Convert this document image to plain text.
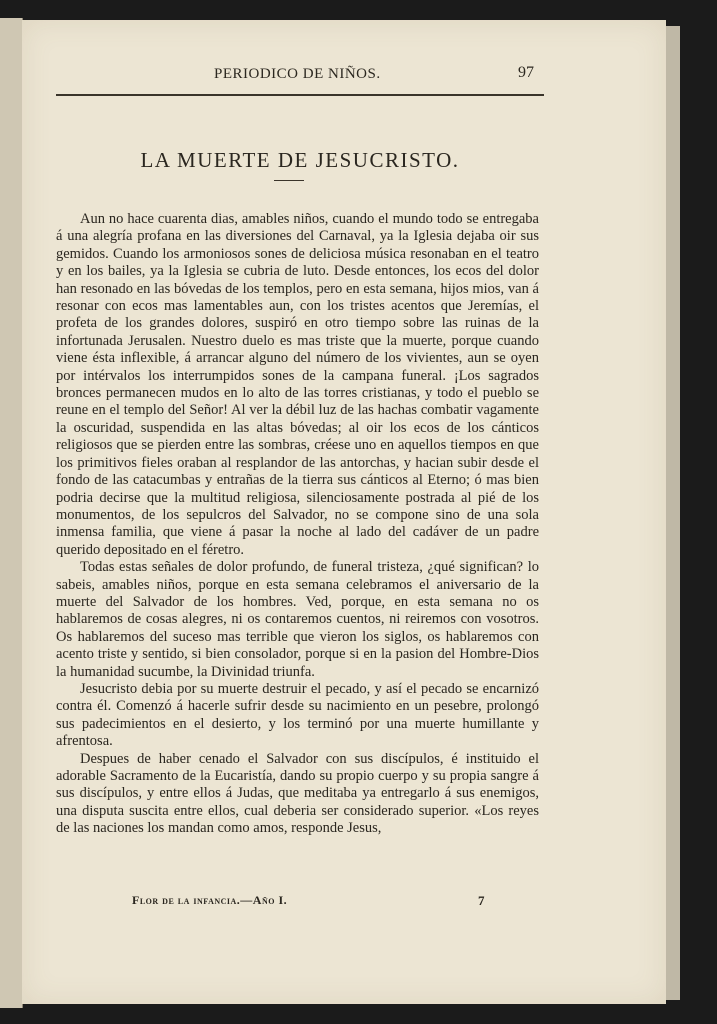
PERIODICO DE NIÑOS.	97
LA MUERTE DE JESUCRISTO.

Aun no hace cuarenta dias, amables niños, cuando el mundo todo se entregaba á una alegría profana en las diversiones del Carnaval, ya la Iglesia dejaba oir sus gemidos. Cuando los armoniosos sones de deliciosa música resonaban en el teatro y en los bailes, ya la Iglesia se cubria de luto. Desde entonces, los ecos del dolor han resonado en las bóvedas de los templos, pero en esta semana, hijos mios, van á resonar con ecos mas lamentables aun, con los tristes acentos que Jeremías, el profeta de los grandes dolores, suspiró en otro tiempo sobre las ruinas de la infortunada Jerusalen. Nuestro duelo es mas triste que la muerte, porque cuando viene ésta inflexible, á arrancar alguno del número de los vivientes, aun se oyen por intérvalos los interrumpidos sones de la campana funeral. ¡Los sagrados bronces permanecen mudos en lo alto de las torres cristianas, y todo el pueblo se reune en el templo del Señor! Al ver la débil luz de las hachas combatir vagamente la oscuridad, suspendida en las altas bóvedas; al oir los ecos de los cánticos religiosos que se pierden entre las sombras, créese uno en aquellos tiempos en que los primitivos fieles oraban al resplandor de las antorchas, y hacian subir desde el fondo de las catacumbas y entrañas de la tierra sus cánticos al Eterno; ó mas bien podria decirse que la multitud religiosa, silenciosamente postrada al pié de los monumentos, de los sepulcros del Salvador, no se compone sino de una sola inmensa familia, que viene á pasar la noche al lado del cadáver de un padre querido depositado en el féretro.

Todas estas señales de dolor profundo, de funeral tristeza, ¿qué significan? lo sabeis, amables niños, porque en esta semana celebramos el aniversario de la muerte del Salvador de los hombres. Ved, porque, en esta semana no os hablaremos de cosas alegres, ni os contaremos cuentos, ni reiremos con vosotros. Os hablaremos del suceso mas terrible que vieron los siglos, os hablaremos con acento triste y sentido, si bien consolador, porque si en la pasion del Hombre-Dios la humanidad sucumbe, la Divinidad triunfa.

Jesucristo debia por su muerte destruir el pecado, y así el pecado se encarnizó contra él. Comenzó á hacerle sufrir desde su nacimiento en un pesebre, prolongó sus padecimientos en el desierto, y los terminó por una muerte humillante y afrentosa.

Despues de haber cenado el Salvador con sus discípulos, é instituido el adorable Sacramento de la Eucaristía, dando su propio cuerpo y su propia sangre á sus discípulos, y entre ellos á Judas, que meditaba ya entregarlo á sus enemigos, una disputa suscita entre ellos, cual deberia ser considerado superior. «Los reyes de las naciones los mandan como amos, responde Jesus,

Flor de la infancia.—Año I.	7
